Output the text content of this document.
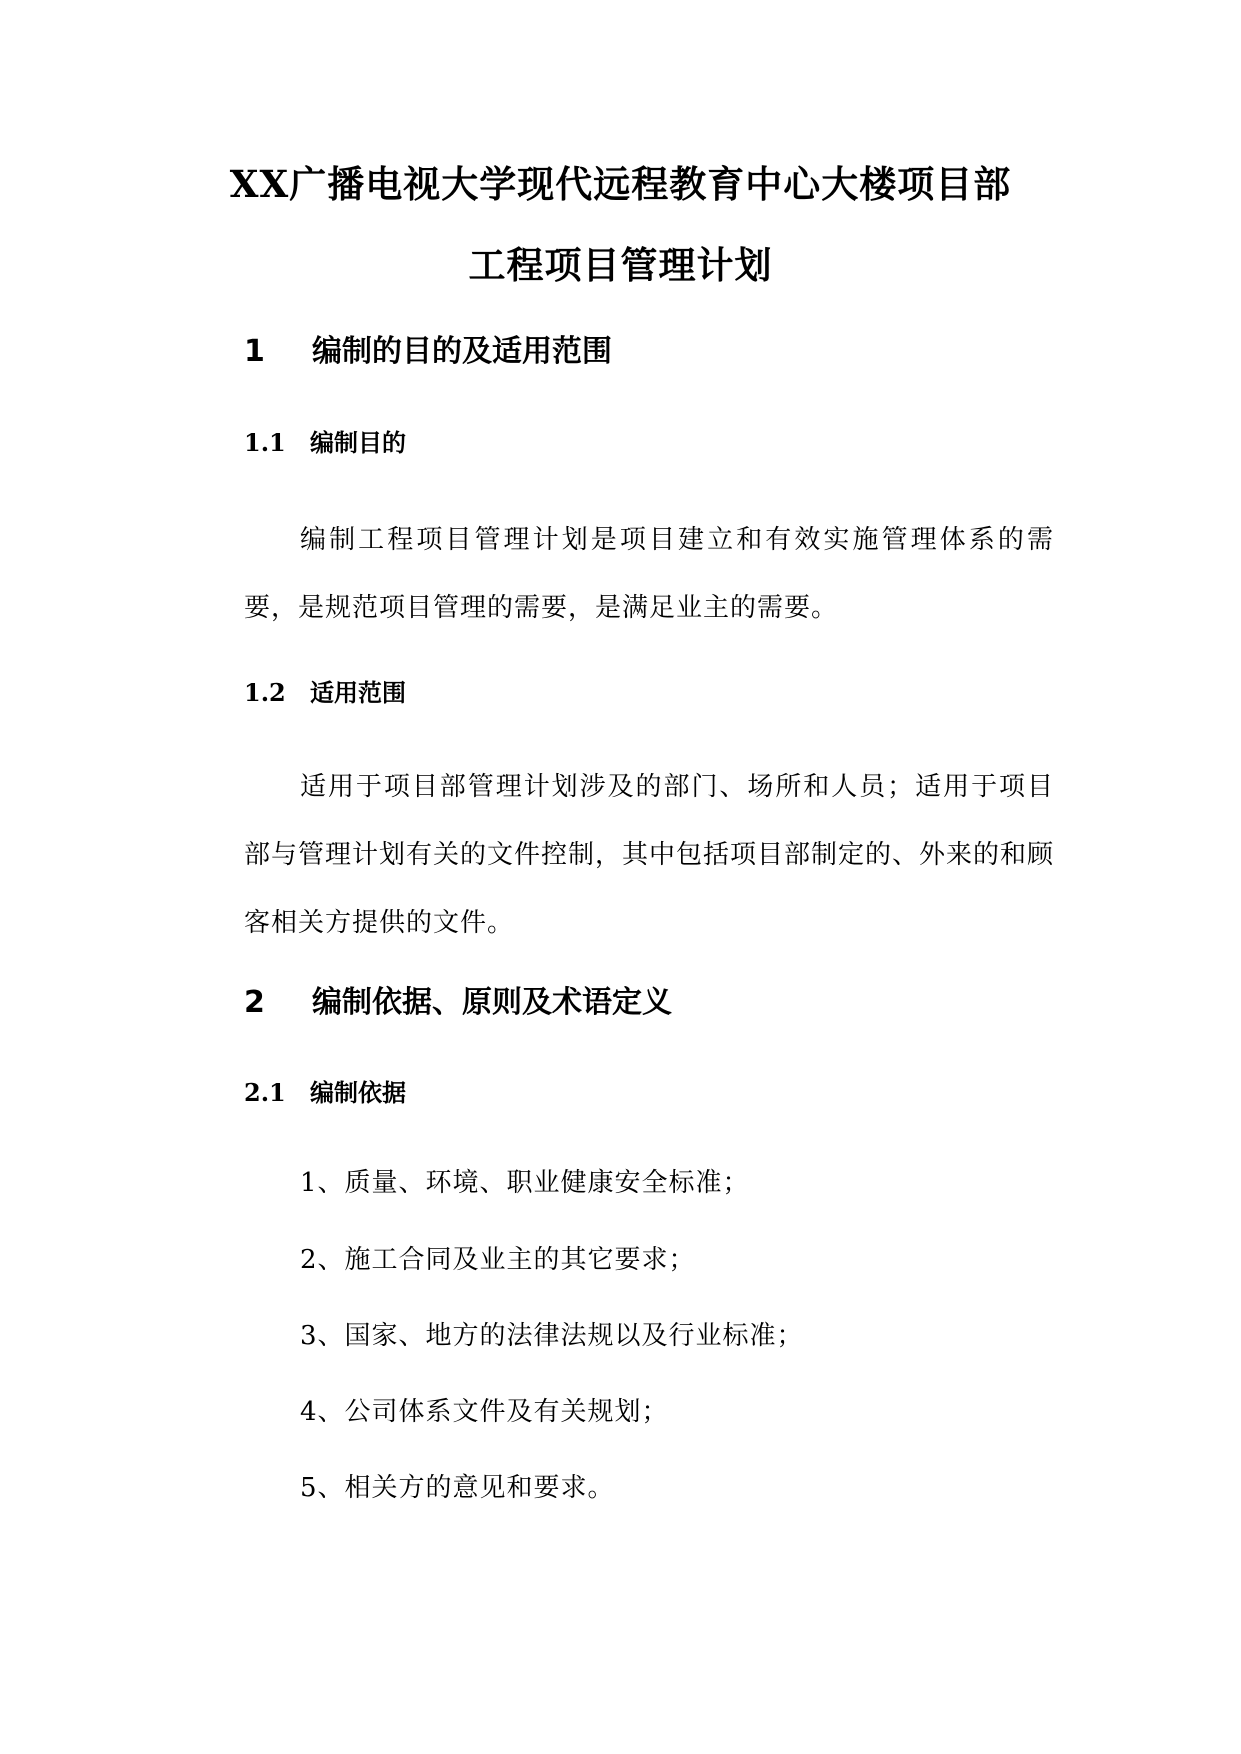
XX广播电视大学现代远程教育中心大楼项目部
工程项目管理计划
1 编制的目的及适用范围
1.1 编制目的
编制工程项目管理计划是项目建立和有效实施管理体系的需要，是规范项目管理的需要，是满足业主的需要。
1.2 适用范围
适用于项目部管理计划涉及的部门、场所和人员；适用于项目部与管理计划有关的文件控制，其中包括项目部制定的、外来的和顾客相关方提供的文件。
2 编制依据、原则及术语定义
2.1 编制依据
1、质量、环境、职业健康安全标准；
2、施工合同及业主的其它要求；
3、国家、地方的法律法规以及行业标准；
4、公司体系文件及有关规划；
5、相关方的意见和要求。
